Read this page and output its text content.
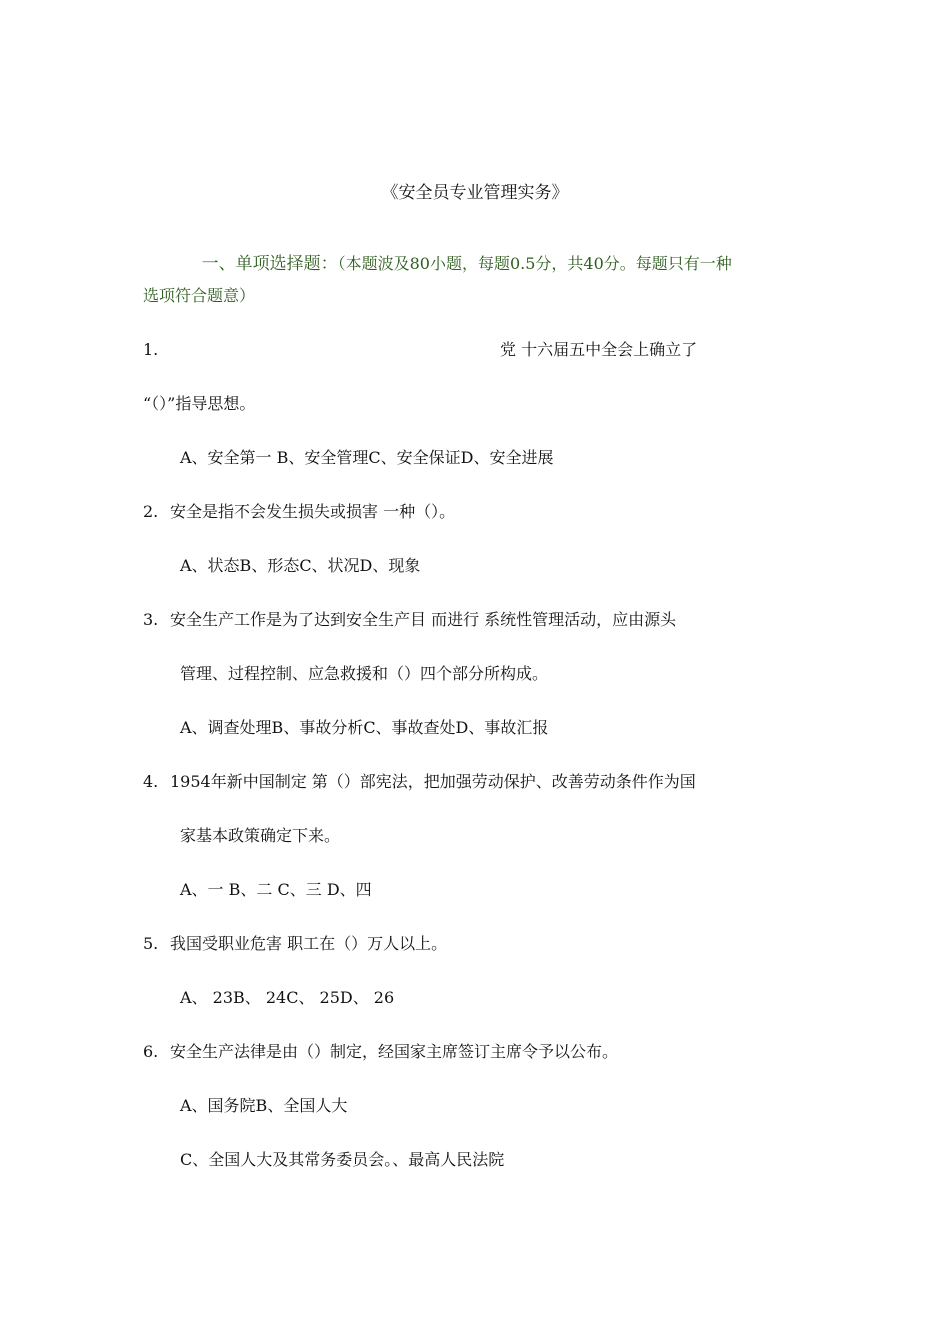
《安全员专业管理实务》

一、单项选择题：（本题波及80小题，每题0.5分，共40分。每题只有一种

选项符合题意）
1.	党 十六届五中全会上确立了
“（）”指导思想。
A、安全第一 B、安全管理C、安全保证D、安全进展
2. 安全是指不会发生损失或损害 一种（）。
A、状态B、形态C、状况D、现象
3. 安全生产工作是为了达到安全生产目 而进行 系统性管理活动，应由源头
管理、过程控制、应急救援和（）四个部分所构成。
A、调查处理B、事故分析C、事故查处D、事故汇报
4. 1954年新中国制定 第（）部宪法，把加强劳动保护、改善劳动条件作为国
家基本政策确定下来。
A、一 B、二 C、三 D、四
5. 我国受职业危害 职工在（）万人以上。
A、 23B、 24C、 25D、 26
6. 安全生产法律是由（）制定，经国家主席签订主席令予以公布。
A、国务院B、全国人大
C、全国人大及其常务委员会。、最高人民法院
